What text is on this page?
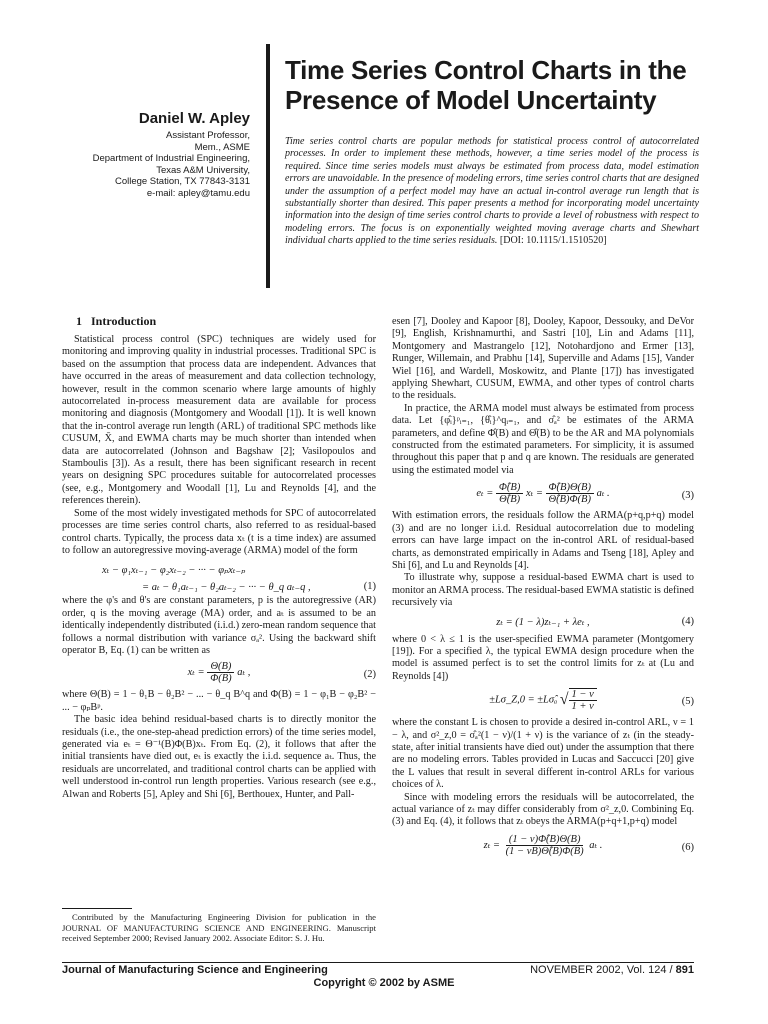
Daniel W. Apley
Assistant Professor,
Mem., ASME
Department of Industrial Engineering,
Texas A&M University,
College Station, TX 77843-3131
e-mail: apley@tamu.edu
Time Series Control Charts in the Presence of Model Uncertainty
Time series control charts are popular methods for statistical process control of autocorrelated processes. In order to implement these methods, however, a time series model of the process is required. Since time series models must always be estimated from process data, model estimation errors are unavoidable. In the presence of modeling errors, time series control charts that are designed under the assumption of a perfect model may have an actual in-control average run length that is substantially shorter than desired. This paper presents a method for incorporating model uncertainty information into the design of time series control charts to provide a level of robustness with respect to modeling errors. The focus is on exponentially weighted moving average charts and Shewhart individual charts applied to the time series residuals. [DOI: 10.1115/1.1510520]
1 Introduction

Statistical process control (SPC) techniques are widely used for monitoring and improving quality in industrial processes. Traditional SPC is based on the assumption that process data are independent. Advances that have occurred in the areas of measurement and data collection technology, however, result in the common scenario where large amounts of highly autocorrelated in-process measurement data are available for process monitoring and diagnosis (Montgomery and Woodall [1]). It is well known that the in-control average run length (ARL) of traditional SPC methods like CUSUM, X̄, and EWMA charts may be much shorter than intended when data are autocorrelated (Johnson and Bagshaw [2]; Vasilopoulos and Stamboulis [3]). As a result, there has been significant research in recent years on designing SPC procedures suitable for autocorrelated processes (see, e.g., Montgomery and Woodall [1], Lu and Reynolds [4], and the references therein).

Some of the most widely investigated methods for SPC of autocorrelated processes are time series control charts, also referred to as residual-based control charts. Typically, the process data xₜ (t is a time index) are assumed to follow an autoregressive moving-average (ARMA) model of the form

xₜ − φ₁xₜ₋₁ − φ₂xₜ₋₂ − ··· − φₚxₜ₋ₚ
= aₜ − θ₁aₜ₋₁ − θ₂aₜ₋₂ − ··· − θ_q aₜ₋q ,	(1)

where the φ's and θ's are constant parameters, p is the autoregressive (AR) order, q is the moving average (MA) order, and aₜ is assumed to be an identically independently distributed (i.i.d.) zero-mean random sequence that follows a normal distribution with variance σₐ². Using the backward shift operator B, Eq. (1) can be written as

$x_t = \frac{\Theta(B)}{\Phi(B)}$ aₜ ,	(2)

where Θ(B) = 1 − θ₁B − θ₂B² − ... − θ_q B^q and Φ(B) = 1 − φ₁B − φ₂B² − ... − φₚBᵖ.

The basic idea behind residual-based charts is to directly monitor the residuals (i.e., the one-step-ahead prediction errors) of the time series model, generated via eₜ = Θ⁻¹(B)Φ(B)xₜ. From Eq. (2), it follows that after the initial transients have died out, eₜ is exactly the i.i.d. sequence aₜ. Thus, the residuals are uncorrelated, and traditional control charts can be applied with well understood in-control run length properties. Various research (see e.g., Alwan and Roberts [5], Apley and Shi [6], Berthouex, Hunter, and Pall-

esen [7], Dooley and Kapoor [8], Dooley, Kapoor, Dessouky, and DeVor [9], English, Krishnamurthi, and Sastri [10], Lin and Adams [11], Montgomery and Mastrangelo [12], Notohardjono and Ermer [13], Runger, Willemain, and Prabhu [14], Superville and Adams [15], Vander Wiel [16], and Wardell, Moskowitz, and Plante [17]) has investigated applying Shewhart, CUSUM, EWMA, and other types of control charts to the residuals.

In practice, the ARMA model must always be estimated from process data. Let {φ̂ᵢ}ᵖᵢ₌₁, {θ̂ᵢ}^qᵢ₌₁, and σ̂ₐ² be estimates of the ARMA parameters, and define Φ̂(B) and Θ̂(B) to be the AR and MA polynomials constructed from the estimated parameters. For simplicity, it is assumed throughout this paper that p and q are known. The residuals are generated using the estimated model via

$e_t = \frac{\Phî(B)}{\Thetâ(B)}$ $x_t = \frac{\Phî(B)\Theta(B)}{\Thetâ(B)\Phi(B)}$ aₜ .	(3)

With estimation errors, the residuals follow the ARMA(p+q,p+q) model (3) and are no longer i.i.d. Residual autocorrelation due to modeling errors can have large impact on the in-control ARL of residual-based charts, as demonstrated empirically in Adams and Tseng [18], Apley and Shi [6], and Lu and Reynolds [4].

To illustrate why, suppose a residual-based EWMA chart is used to monitor an ARMA process. The residual-based EWMA statistic is defined recursively via

zₜ = (1 − λ)zₜ₋₁ + λeₜ ,	(4)

where 0 < λ ≤ 1 is the user-specified EWMA parameter (Montgomery [19]). For a specified λ, the typical EWMA design procedure when the model is assumed perfect is to set the control limits for zₜ at (Lu and Reynolds [4])

±Lσ_Z,0 = ±Lσ̂ₐ √ $\frac{1 - \nu}{1 + \nu}$	(5)

where the constant L is chosen to provide a desired in-control ARL, ν = 1 − λ, and σ²_z,0 = σ̂ₐ²(1 − ν)/(1 + ν) is the variance of zₜ (in the steady-state, after initial transients have died out) under the assumption that there are no modeling errors. Tables provided in Lucas and Saccucci [20] give the L values that result in several different in-control ARLs for various choices of λ.

Since with modeling errors the residuals will be autocorrelated, the actual variance of zₜ may differ considerably from σ²_z,0. Combining Eq. (3) and Eq. (4), it follows that zₜ obeys the ARMA(p+q+1,p+q) model

$z_t = \frac{(1 - \nu)\Phî(B)\Theta(B)}{(1 - \nu B)\Thetâ(B)\Phi(B)}$ aₜ .	(6)

Contributed by the Manufacturing Engineering Division for publication in the JOURNAL OF MANUFACTURING SCIENCE AND ENGINEERING. Manuscript received September 2000; Revised January 2002. Associate Editor: S. J. Hu.

Journal of Manufacturing Science and Engineering	NOVEMBER 2002, Vol. 124 / 891
Copyright © 2002 by ASME
